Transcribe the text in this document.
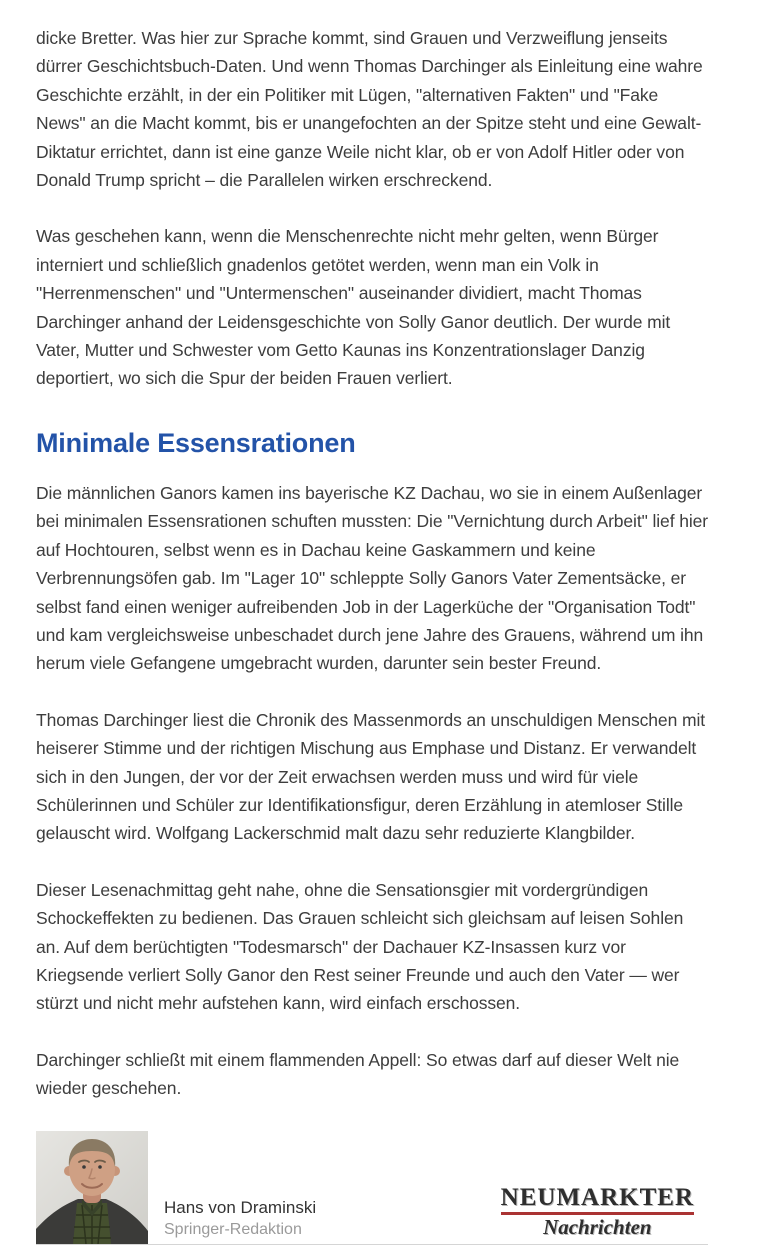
dicke Bretter. Was hier zur Sprache kommt, sind Grauen und Verzweiflung jenseits dürrer Geschichtsbuch-Daten. Und wenn Thomas Darchinger als Einleitung eine wahre Geschichte erzählt, in der ein Politiker mit Lügen, "alternativen Fakten" und "Fake News" an die Macht kommt, bis er unangefochten an der Spitze steht und eine Gewalt-Diktatur errichtet, dann ist eine ganze Weile nicht klar, ob er von Adolf Hitler oder von Donald Trump spricht – die Parallelen wirken erschreckend.

Was geschehen kann, wenn die Menschenrechte nicht mehr gelten, wenn Bürger interniert und schließlich gnadenlos getötet werden, wenn man ein Volk in "Herrenmenschen" und "Untermenschen" auseinander dividiert, macht Thomas Darchinger anhand der Leidensgeschichte von Solly Ganor deutlich. Der wurde mit Vater, Mutter und Schwester vom Getto Kaunas ins Konzentrationslager Danzig deportiert, wo sich die Spur der beiden Frauen verliert.

Minimale Essensrationen

Die männlichen Ganors kamen ins bayerische KZ Dachau, wo sie in einem Außenlager bei minimalen Essensrationen schuften mussten: Die "Vernichtung durch Arbeit" lief hier auf Hochtouren, selbst wenn es in Dachau keine Gaskammern und keine Verbrennungsöfen gab. Im "Lager 10" schleppte Solly Ganors Vater Zementsäcke, er selbst fand einen weniger aufreibenden Job in der Lagerküche der "Organisation Todt" und kam vergleichsweise unbeschadet durch jene Jahre des Grauens, während um ihn herum viele Gefangene umgebracht wurden, darunter sein bester Freund.

Thomas Darchinger liest die Chronik des Massenmords an unschuldigen Menschen mit heiserer Stimme und der richtigen Mischung aus Emphase und Distanz. Er verwandelt sich in den Jungen, der vor der Zeit erwachsen werden muss und wird für viele Schülerinnen und Schüler zur Identifikationsfigur, deren Erzählung in atemloser Stille gelauscht wird. Wolfgang Lackerschmid malt dazu sehr reduzierte Klangbilder.

Dieser Lesenachmittag geht nahe, ohne die Sensationsgier mit vordergründigen Schockeffekten zu bedienen. Das Grauen schleicht sich gleichsam auf leisen Sohlen an. Auf dem berüchtigten "Todesmarsch" der Dachauer KZ-Insassen kurz vor Kriegsende verliert Solly Ganor den Rest seiner Freunde und auch den Vater — wer stürzt und nicht mehr aufstehen kann, wird einfach erschossen.

Darchinger schließt mit einem flammenden Appell: So etwas darf auf dieser Welt nie wieder geschehen.

Hans von Draminski
Springer-Redaktion
NEUMARKTER
Nachrichten
